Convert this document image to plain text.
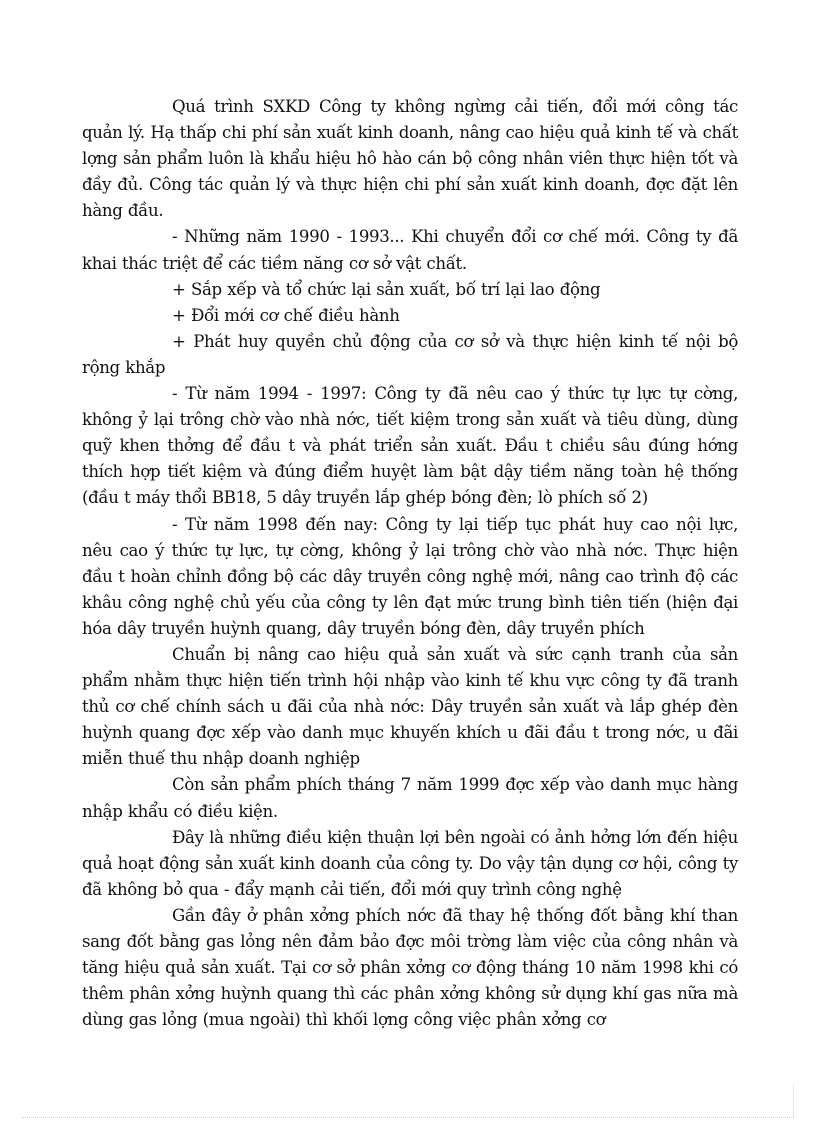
Quá trình SXKD Công ty không ngừng cải tiến, đổi mới công tác quản lý. Hạ thấp chi phí sản xuất kinh doanh, nâng cao hiệu quả kinh tế và chất lợng sản phẩm luôn là khẩu hiệu hô hào cán bộ công nhân viên thực hiện tốt và đầy đủ. Công tác quản lý và thực hiện chi phí sản xuất kinh doanh, đợc đặt lên hàng đầu.

- Những năm 1990 - 1993... Khi chuyển đổi cơ chế mới. Công ty đã khai thác triệt để các tiềm năng cơ sở vật chất.

+ Sắp xếp và tổ chức lại sản xuất, bố trí lại lao động

+ Đổi mới cơ chế điều hành

+ Phát huy quyền chủ động của cơ sở và thực hiện kinh tế nội bộ rộng khắp

- Từ năm 1994 - 1997: Công ty đã nêu cao ý thức tự lực tự cờng, không ỷ lại trông chờ vào nhà nớc, tiết kiệm trong sản xuất và tiêu dùng, dùng quỹ khen thởng để đầu t và phát triển sản xuất. Đầu t chiều sâu đúng hớng thích hợp tiết kiệm và đúng điểm huyệt làm bật dậy tiềm năng toàn hệ thống (đầu t máy thổi BB18, 5 dây truyền lắp ghép bóng đèn; lò phích số 2)

- Từ năm 1998 đến nay: Công ty lại tiếp tục phát huy cao nội lực, nêu cao ý thức tự lực, tự cờng, không ỷ lại trông chờ vào nhà nớc. Thực hiện đầu t hoàn chỉnh đồng bộ các dây truyền công nghệ mới, nâng cao trình độ các khâu công nghệ chủ yếu của công ty lên đạt mức trung bình tiên tiến (hiện đại hóa dây truyền huỳnh quang, dây truyền bóng đèn, dây truyền phích

Chuẩn bị nâng cao hiệu quả sản xuất và sức cạnh tranh của sản phẩm nhằm thực hiện tiến trình hội nhập vào kinh tế khu vực công ty đã tranh thủ cơ chế chính sách u đãi của nhà nớc: Dây truyền sản xuất và lắp ghép đèn huỳnh quang đợc xếp vào danh mục khuyến khích u đãi đầu t trong nớc, u đãi miễn thuế thu nhập doanh nghiệp

Còn sản phẩm phích tháng 7 năm 1999 đợc xếp vào danh mục hàng nhập khẩu có điều kiện.

Đây là những điều kiện thuận lợi bên ngoài có ảnh hởng lớn đến hiệu quả hoạt động sản xuất kinh doanh của công ty. Do vậy tận dụng cơ hội, công ty đã không bỏ qua - đẩy mạnh cải tiến, đổi mới quy trình công nghệ

Gần đây ở phân xởng phích nớc đã thay hệ thống đốt bằng khí than sang đốt bằng gas lỏng nên đảm bảo đợc môi trờng làm việc của công nhân và tăng hiệu quả sản xuất. Tại cơ sở phân xởng cơ động tháng 10 năm 1998 khi có thêm phân xởng huỳnh quang thì các phân xởng không sử dụng khí gas nữa mà dùng gas lỏng (mua ngoài) thì khối lợng công việc phân xởng cơ
